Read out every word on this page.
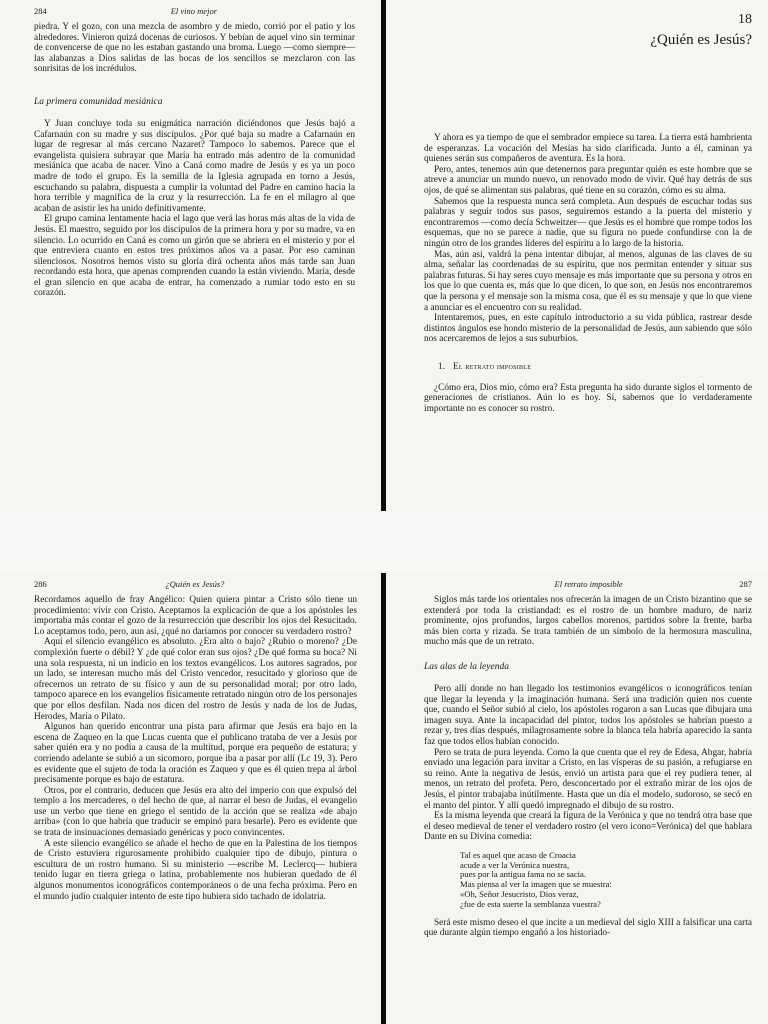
284	El vino mejor

piedra. Y el gozo, con una mezcla de asombro y de miedo, corrió por el patio y los alrededores. Vinieron quizá docenas de curiosos. Y bebían de aquel vino sin terminar de convencerse de que no les estaban gastando una broma. Luego —como siempre— las alabanzas a Dios salidas de las bocas de los sencillos se mezclaron con las sonrisitas de los incrédulos.

La primera comunidad mesiánica

Y Juan concluye toda su enigmática narración diciéndonos que Jesús bajó a Cafarnaún con su madre y sus discípulos. ¿Por qué baja su madre a Cafarnaún en lugar de regresar al más cercano Nazaret? Tampoco lo sabemos. Parece que el evangelista quisiera subrayar que María ha entrado más adentro de la comunidad mesiánica que acaba de nacer. Vino a Caná como madre de Jesús y es ya un poco madre de todo el grupo. Es la semilla de la Iglesia agrupada en torno a Jesús, escuchando su palabra, dispuesta a cumplir la voluntad del Padre en camino hacia la hora terrible y magnífica de la cruz y la resurrección. La fe en el milagro al que acaban de asistir les ha unido definitivamente.

El grupo camina lentamente hacia el lago que verá las horas más altas de la vida de Jesús. El maestro, seguido por los discípulos de la primera hora y por su madre, va en silencio. Lo ocurrido en Caná es como un girón que se abriera en el misterio y por el que entreviera cuanto en estos tres próximos años va a pasar. Por eso caminan silenciosos. Nosotros hemos visto su gloria dirá ochenta años más tarde san Juan recordando esta hora, que apenas comprenden cuando la están viviendo. María, desde el gran silencio en que acaba de entrar, ha comenzado a rumiar todo esto en su corazón.

18
¿Quién es Jesús?

Y ahora es ya tiempo de que el sembrador empiece su tarea. La tierra está hambrienta de esperanzas. La vocación del Mesías ha sido clarificada. Junto a él, caminan ya quienes serán sus compañeros de aventura. Es la hora.

Pero, antes, tenemos aún que detenernos para preguntar quién es este hombre que se atreve a anunciar un mundo nuevo, un renovado modo de vivir. Qué hay detrás de sus ojos, de qué se alimentan sus palabras, qué tiene en su corazón, cómo es su alma.

Sabemos que la respuesta nunca será completa. Aun después de escuchar todas sus palabras y seguir todos sus pasos, seguiremos estando a la puerta del misterio y encontraremos —como decía Schweitzer— que Jesús es el hombre que rompe todos los esquemas, que no se parece a nadie, que su figura no puede confundirse con la de ningún otro de los grandes líderes del espíritu a lo largo de la historia.

Mas, aún así, valdrá la pena intentar dibujar, al menos, algunas de las claves de su alma, señalar las coordenadas de su espíritu, que nos permitan entender y situar sus palabras futuras. Si hay seres cuyo mensaje es más importante que su persona y otros en los que lo que cuenta es, más que lo que dicen, lo que son, en Jesús nos encontraremos que la persona y el mensaje son la misma cosa, que él es su mensaje y que lo que viene a anunciar es el encuentro con su realidad.

Intentaremos, pues, en este capítulo introductorio a su vida pública, rastrear desde distintos ángulos ese hondo misterio de la personalidad de Jesús, aun sabiendo que sólo nos acercaremos de lejos a sus suburbios.

1. El retrato imposible

¿Cómo era, Dios mío, cómo era? Esta pregunta ha sido durante siglos el tormento de generaciones de cristianos. Aún lo es hoy. Sí, sabemos que lo verdaderamente importante no es conocer su rostro.

286	¿Quién es Jesús?

Recordamos aquello de fray Angélico: Quien quiera pintar a Cristo sólo tiene un procedimiento: vivir con Cristo. Aceptamos la explicación de que a los apóstoles les importaba más contar el gozo de la resurrección que describir los ojos del Resucitado. Lo aceptamos todo, pero, aun así, ¿qué no daríamos por conocer su verdadero rostro?

Aquí el silencio evangélico es absoluto. ¿Era alto o bajo? ¿Rubio o moreno? ¿De complexión fuerte o débil? Y ¿de qué color eran sus ojos? ¿De qué forma su boca? Ni una sola respuesta, ni un indicio en los textos evangélicos. Los autores sagrados, por un lado, se interesan mucho más del Cristo vencedor, resucitado y glorioso que de ofrecernos un retrato de su físico y aun de su personalidad moral; por otro lado, tampoco aparece en los evangelios físicamente retratado ningún otro de los personajes que por ellos desfilan. Nada nos dicen del rostro de Jesús y nada de los de Judas, Herodes, María o Pilato.

Algunos han querido encontrar una pista para afirmar que Jesús era bajo en la escena de Zaqueo en la que Lucas cuenta que el publicano trataba de ver a Jesús por saber quién era y no podía a causa de la multitud, porque era pequeño de estatura; y corriendo adelante se subió a un sicomoro, porque iba a pasar por allí (Lc 19, 3). Pero es evidente que el sujeto de toda la oración es Zaqueo y que es él quien trepa al árbol precisamente porque es bajo de estatura.

Otros, por el contrario, deducen que Jesús era alto del imperio con que expulsó del templo a los mercaderes, o del hecho de que, al narrar el beso de Judas, el evangelio use un verbo que tiene en griego el sentido de la acción que se realiza «de abajo arriba» (con lo que habría que traducir se empinó para besarle). Pero es evidente que se trata de insinuaciones demasiado genéricas y poco convincentes.

A este silencio evangélico se añade el hecho de que en la Palestina de los tiempos de Cristo estuviera rigurosamente prohibido cualquier tipo de dibujo, pintura o escultura de un rostro humano. Si su ministerio —escribe M. Leclercq— hubiera tenido lugar en tierra griega o latina, probablemente nos hubieran quedado de él algunos monumentos iconográficos contemporáneos o de una fecha próxima. Pero en el mundo judío cualquier intento de este tipo hubiera sido tachado de idolatría.

El retrato imposible	287

Siglos más tarde los orientales nos ofrecerán la imagen de un Cristo bizantino que se extenderá por toda la cristiandad: es el rostro de un hombre maduro, de nariz prominente, ojos profundos, largos cabellos morenos, partidos sobre la frente, barba más bien corta y rizada. Se trata también de un símbolo de la hermosura masculina, mucho más que de un retrato.

Las alas de la leyenda

Pero allí donde no han llegado los testimonios evangélicos o iconográficos tenían que llegar la leyenda y la imaginación humana. Será una tradición quien nos cuente que, cuando el Señor subió al cielo, los apóstoles rogaron a san Lucas que dibujara una imagen suya. Ante la incapacidad del pintor, todos los apóstoles se habrían puesto a rezar y, tres días después, milagrosamente sobre la blanca tela habría aparecido la santa faz que todos ellos habían conocido.

Pero se trata de pura leyenda. Como la que cuenta que el rey de Edesa, Abgar, habría enviado una legación para invitar a Cristo, en las vísperas de su pasión, a refugiarse en su reino. Ante la negativa de Jesús, envió un artista para que el rey pudiera tener, al menos, un retrato del profeta. Pero, desconcertado por el extraño mirar de los ojos de Jesús, el pintor trabajaba inútilmente. Hasta que un día el modelo, sudoroso, se secó en el manto del pintor. Y allí quedó impregnado el dibujo de su rostro.

Es la misma leyenda que creará la figura de la Verónica y que no tendrá otra base que el deseo medieval de tener el verdadero rostro (el vero icono=Verónica) del que hablara Dante en su Divina comedia:

Tal es aquel que acaso de Croacia
acude a ver la Verónica nuestra,
pues por la antigua fama no se sacia.
Mas piensa al ver la imagen que se muestra:
«Oh, Señor Jesucristo, Dios veraz,
¿fue de esta suerte la semblanza vuestra?

Será este mismo deseo el que incite a un medieval del siglo XIII a falsificar una carta que durante algún tiempo engañó a los historiado-
